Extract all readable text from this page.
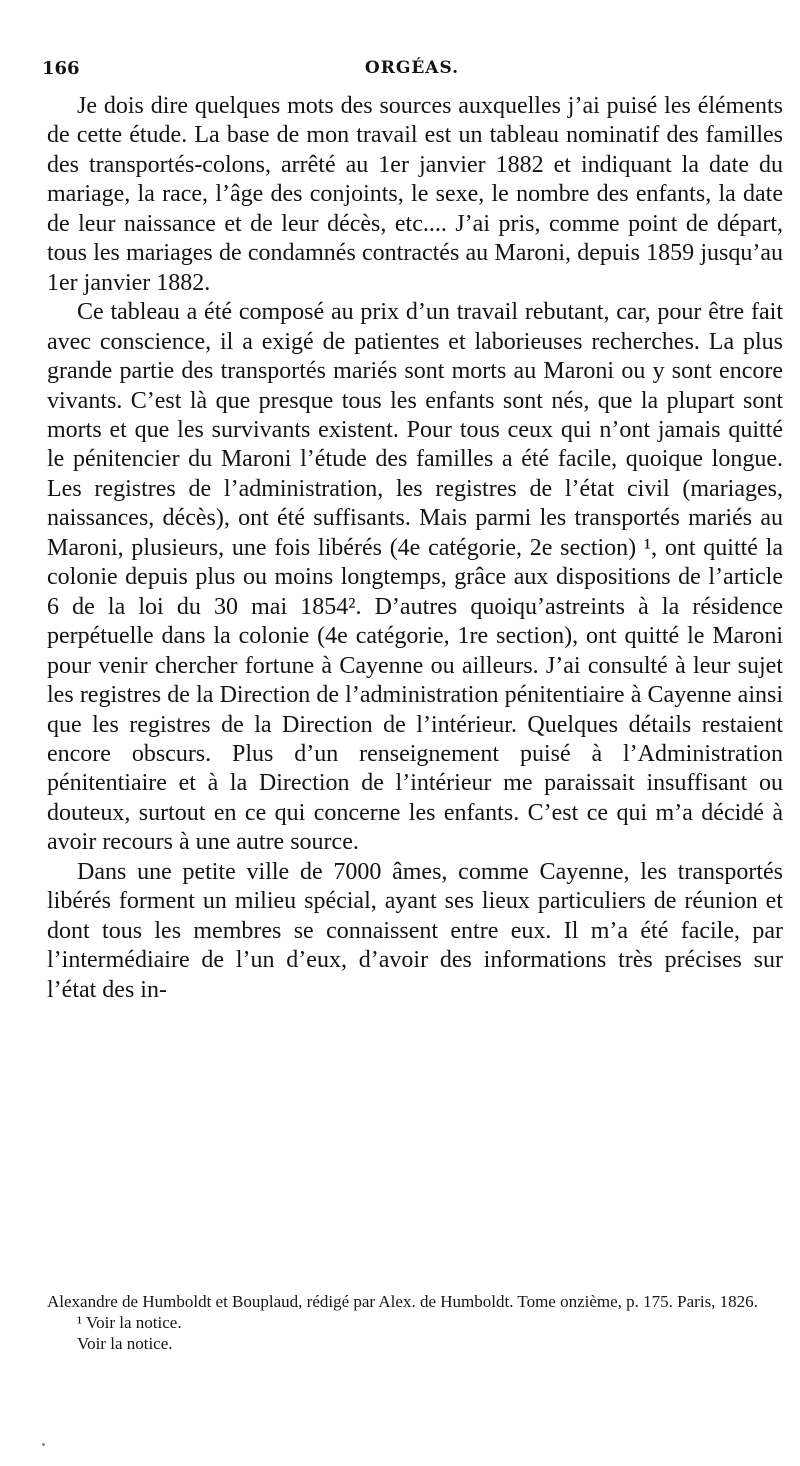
166	ORGÉAS.

Je dois dire quelques mots des sources auxquelles j’ai puisé les éléments de cette étude. La base de mon travail est un tableau nominatif des familles des transportés-colons, arrêté au 1er janvier 1882 et indiquant la date du mariage, la race, l’âge des conjoints, le sexe, le nombre des enfants, la date de leur naissance et de leur décès, etc.... J’ai pris, comme point de départ, tous les mariages de condamnés contractés au Maroni, depuis 1859 jusqu’au 1er janvier 1882.

Ce tableau a été composé au prix d’un travail rebutant, car, pour être fait avec conscience, il a exigé de patientes et laborieuses recherches. La plus grande partie des transportés mariés sont morts au Maroni ou y sont encore vivants. C’est là que presque tous les enfants sont nés, que la plupart sont morts et que les survivants existent. Pour tous ceux qui n’ont jamais quitté le pénitencier du Maroni l’étude des familles a été facile, quoique longue. Les registres de l’administration, les registres de l’état civil (mariages, naissances, décès), ont été suffisants. Mais parmi les transportés mariés au Maroni, plusieurs, une fois libérés (4e catégorie, 2e section) ¹, ont quitté la colonie depuis plus ou moins longtemps, grâce aux dispositions de l’article 6 de la loi du 30 mai 1854². D’autres quoiqu’astreints à la résidence perpétuelle dans la colonie (4e catégorie, 1re section), ont quitté le Maroni pour venir chercher fortune à Cayenne ou ailleurs. J’ai consulté à leur sujet les registres de la Direction de l’administration pénitentiaire à Cayenne ainsi que les registres de la Direction de l’intérieur. Quelques détails restaient encore obscurs. Plus d’un renseignement puisé à l’Administration pénitentiaire et à la Direction de l’intérieur me paraissait insuffisant ou douteux, surtout en ce qui concerne les enfants. C’est ce qui m’a décidé à avoir recours à une autre source.

Dans une petite ville de 7000 âmes, comme Cayenne, les transportés libérés forment un milieu spécial, ayant ses lieux particuliers de réunion et dont tous les membres se connaissent entre eux. Il m’a été facile, par l’intermédiaire de l’un d’eux, d’avoir des informations très précises sur l’état des in-

Alexandre de Humboldt et Bouplaud, rédigé par Alex. de Humboldt. Tome onzième, p. 175. Paris, 1826.

¹ Voir la notice.

Voir la notice.
